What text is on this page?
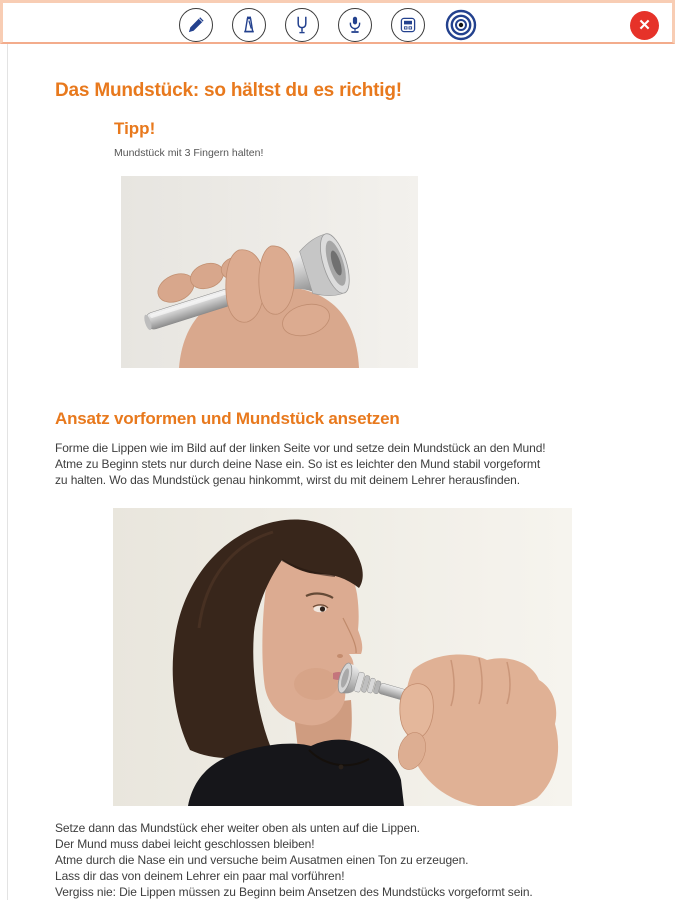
✕
Das Mundstück: so hältst du es richtig!
Tipp!
Mundstück mit 3 Fingern halten!
Ansatz vorformen und Mundstück ansetzen
Forme die Lippen wie im Bild auf der linken Seite vor und setze dein Mundstück an den Mund!
Atme zu Beginn stets nur durch deine Nase ein. So ist es leichter den Mund stabil vorgeformt
zu halten. Wo das Mundstück genau hinkommt, wirst du mit deinem Lehrer herausfinden.
Setze dann das Mundstück eher weiter oben als unten auf die Lippen.
Der Mund muss dabei leicht geschlossen bleiben!
Atme durch die Nase ein und versuche beim Ausatmen einen Ton zu erzeugen.
Lass dir das von deinem Lehrer ein paar mal vorführen!
Vergiss nie: Die Lippen müssen zu Beginn beim Ansetzen des Mundstücks vorgeformt sein.
